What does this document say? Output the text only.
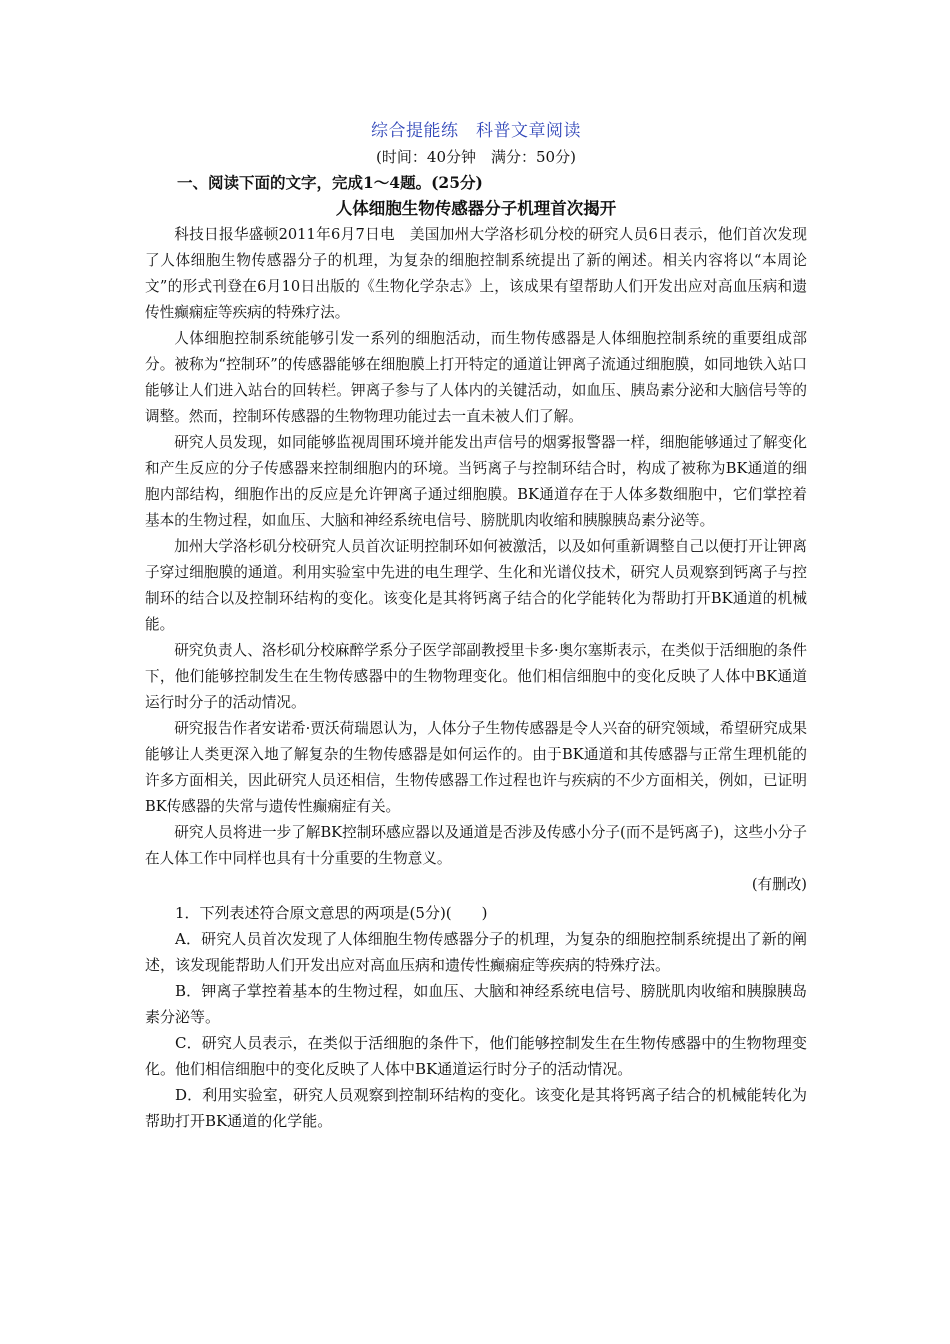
综合提能练　科普文章阅读
(时间：40分钟　满分：50分)
一、阅读下面的文字，完成1～4题。(25分)
人体细胞生物传感器分子机理首次揭开

科技日报华盛顿2011年6月7日电　美国加州大学洛杉矶分校的研究人员6日表示，他们首次发现了人体细胞生物传感器分子的机理，为复杂的细胞控制系统提出了新的阐述。相关内容将以“本周论文”的形式刊登在6月10日出版的《生物化学杂志》上，该成果有望帮助人们开发出应对高血压病和遗传性癫痫症等疾病的特殊疗法。

人体细胞控制系统能够引发一系列的细胞活动，而生物传感器是人体细胞控制系统的重要组成部分。被称为“控制环”的传感器能够在细胞膜上打开特定的通道让钾离子流通过细胞膜，如同地铁入站口能够让人们进入站台的回转栏。钾离子参与了人体内的关键活动，如血压、胰岛素分泌和大脑信号等的调整。然而，控制环传感器的生物物理功能过去一直未被人们了解。

研究人员发现，如同能够监视周围环境并能发出声信号的烟雾报警器一样，细胞能够通过了解变化和产生反应的分子传感器来控制细胞内的环境。当钙离子与控制环结合时，构成了被称为BK通道的细胞内部结构，细胞作出的反应是允许钾离子通过细胞膜。BK通道存在于人体多数细胞中，它们掌控着基本的生物过程，如血压、大脑和神经系统电信号、膀胱肌肉收缩和胰腺胰岛素分泌等。

加州大学洛杉矶分校研究人员首次证明控制环如何被激活，以及如何重新调整自己以便打开让钾离子穿过细胞膜的通道。利用实验室中先进的电生理学、生化和光谱仪技术，研究人员观察到钙离子与控制环的结合以及控制环结构的变化。该变化是其将钙离子结合的化学能转化为帮助打开BK通道的机械能。

研究负责人、洛杉矶分校麻醉学系分子医学部副教授里卡多·奥尔塞斯表示，在类似于活细胞的条件下，他们能够控制发生在生物传感器中的生物物理变化。他们相信细胞中的变化反映了人体中BK通道运行时分子的活动情况。

研究报告作者安诺希·贾沃荷瑞恩认为，人体分子生物传感器是令人兴奋的研究领域，希望研究成果能够让人类更深入地了解复杂的生物传感器是如何运作的。由于BK通道和其传感器与正常生理机能的许多方面相关，因此研究人员还相信，生物传感器工作过程也许与疾病的不少方面相关，例如，已证明BK传感器的失常与遗传性癫痫症有关。

研究人员将进一步了解BK控制环感应器以及通道是否涉及传感小分子(而不是钙离子)，这些小分子在人体工作中同样也具有十分重要的生物意义。

(有删改)

1．下列表述符合原文意思的两项是(5分)(　　)

A．研究人员首次发现了人体细胞生物传感器分子的机理，为复杂的细胞控制系统提出了新的阐述，该发现能帮助人们开发出应对高血压病和遗传性癫痫症等疾病的特殊疗法。

B．钾离子掌控着基本的生物过程，如血压、大脑和神经系统电信号、膀胱肌肉收缩和胰腺胰岛素分泌等。

C．研究人员表示，在类似于活细胞的条件下，他们能够控制发生在生物传感器中的生物物理变化。他们相信细胞中的变化反映了人体中BK通道运行时分子的活动情况。

D．利用实验室，研究人员观察到控制环结构的变化。该变化是其将钙离子结合的机械能转化为帮助打开BK通道的化学能。
